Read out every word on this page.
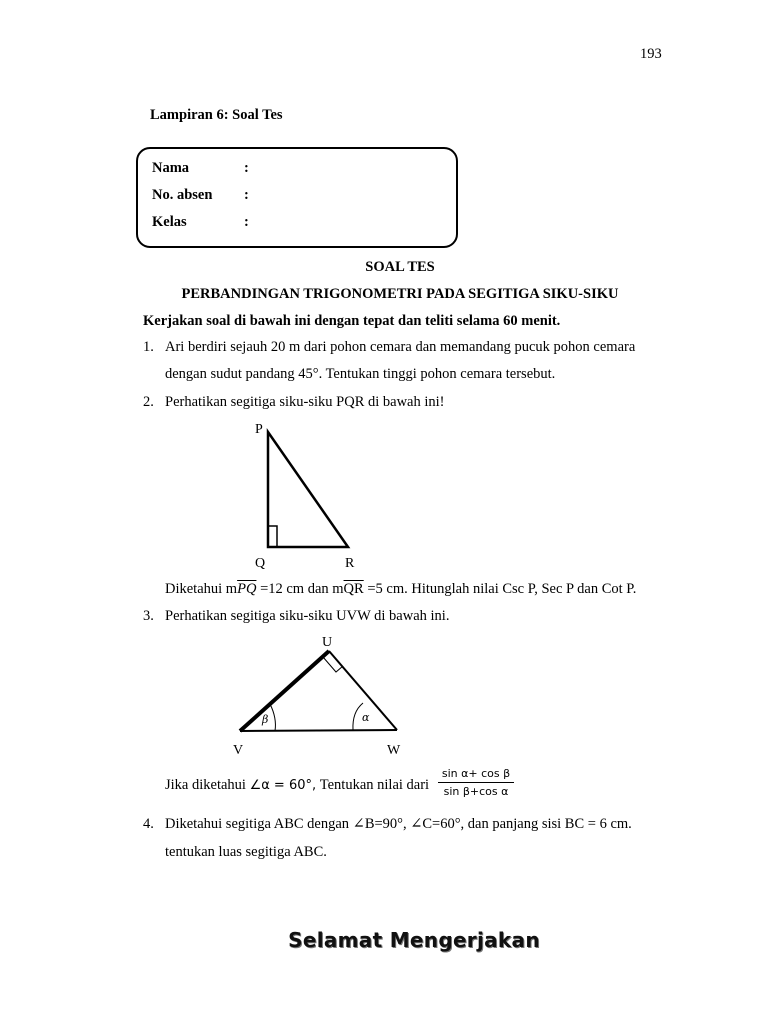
193
Lampiran 6: Soal Tes
Nama	:
No. absen :
Kelas	:
SOAL TES
PERBANDINGAN TRIGONOMETRI PADA SEGITIGA SIKU-SIKU
Kerjakan soal di bawah ini dengan tepat dan teliti selama 60 menit.
1. Ari berdiri sejauh 20 m dari pohon cemara dan memandang pucuk pohon cemara
dengan sudut pandang 45°. Tentukan tinggi pohon cemara tersebut.
2. Perhatikan segitiga siku-siku PQR di bawah ini!
P
Q	R
Diketahui $m\overline{PQ} =12$ cm dan $m\overline{QR} =5$ cm. Hitunglah nilai Csc P, Sec P dan Cot P.
3. Perhatikan segitiga siku-siku UVW di bawah ini.
β	α
U
V	W
Jika diketahui ∠α = 60°, Tentukan nilai dari
sin α+ cos β
sin β+cos α
4. Diketahui segitiga ABC dengan ∠B=90°, ∠C=60°, dan panjang sisi BC = 6 cm.
tentukan luas segitiga ABC.
Selamat Mengerjakan
